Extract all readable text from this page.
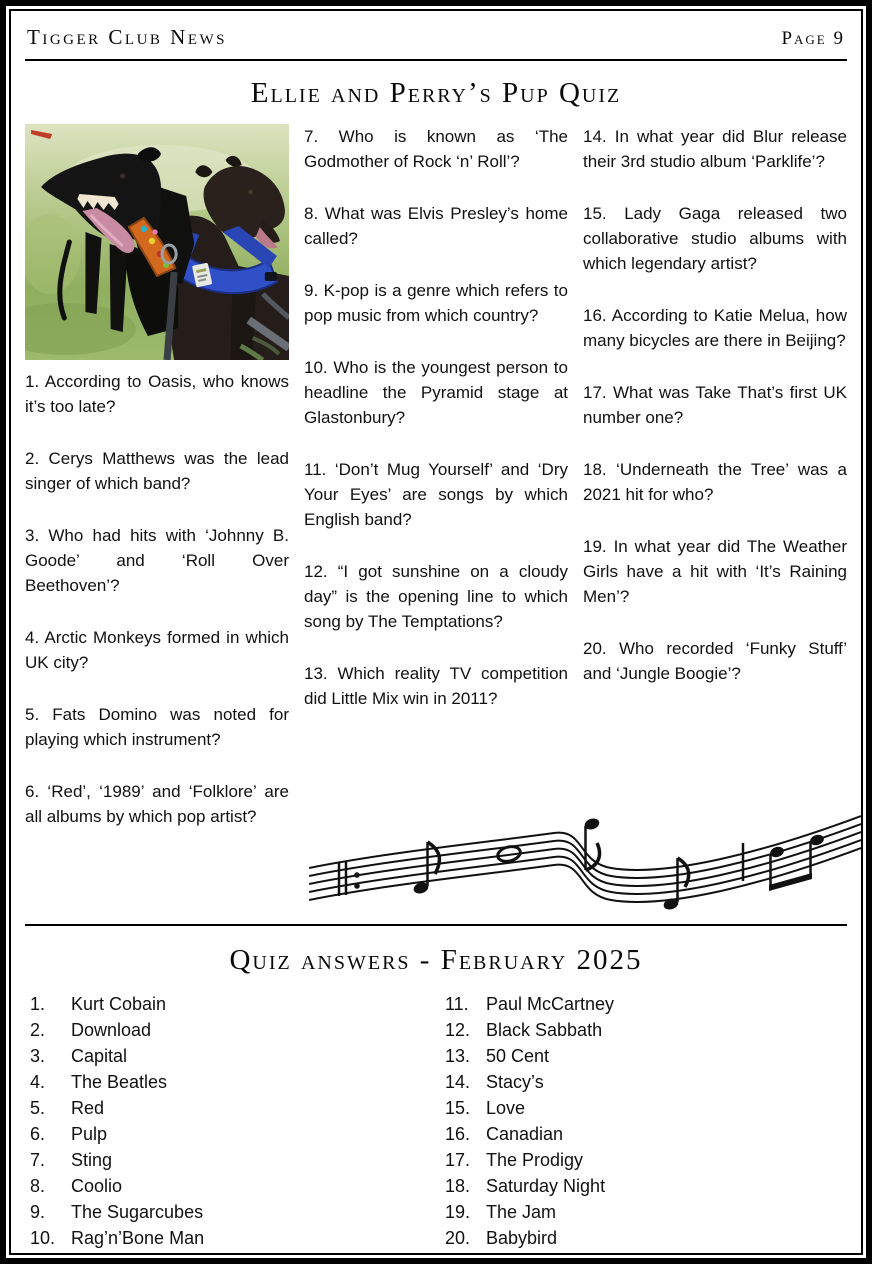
Tigger Club News	Page 9
Ellie and Perry’s Pup Quiz

1. According to Oasis, who knows it’s too late?

2. Cerys Matthews was the lead singer of which band?

3. Who had hits with ‘Johnny B. Goode’ and ‘Roll Over Beethoven’?

4. Arctic Monkeys formed in which UK city?

5. Fats Domino was noted for playing which instrument?

6. ‘Red’, ‘1989’ and ‘Folklore’ are all albums by which pop artist?

7. Who is known as ‘The Godmother of Rock ‘n’ Roll’?

8. What was Elvis Presley’s home called?

9. K-pop is a genre which refers to pop music from which country?

10. Who is the youngest person to headline the Pyramid stage at Glastonbury?

11. ‘Don’t Mug Yourself’ and ‘Dry Your Eyes’ are songs by which English band?

12. “I got sunshine on a cloudy day” is the opening line to which song by The Temptations?

13. Which reality TV competition did Little Mix win in 2011?

14. In what year did Blur release their 3rd studio album ‘Parklife’?

15. Lady Gaga released two collaborative studio albums with which legendary artist?

16. According to Katie Melua, how many bicycles are there in Beijing?

17. What was Take That’s first UK number one?

18. ‘Underneath the Tree’ was a 2021 hit for who?

19. In what year did The Weather Girls have a hit with ‘It’s Raining Men’?

20. Who recorded ‘Funky Stuff’ and ‘Jungle Boogie’?

Quiz answers - February 2025
1.	Kurt Cobain
2.	Download
3.	Capital
4.	The Beatles
5.	Red
6.	Pulp
7.	Sting
8.	Coolio
9.	The Sugarcubes
10. Rag’n’Bone Man
11. Paul McCartney
12. Black Sabbath
13. 50 Cent
14. Stacy’s
15. Love
16. Canadian
17. The Prodigy
18. Saturday Night
19. The Jam
20. Babybird
